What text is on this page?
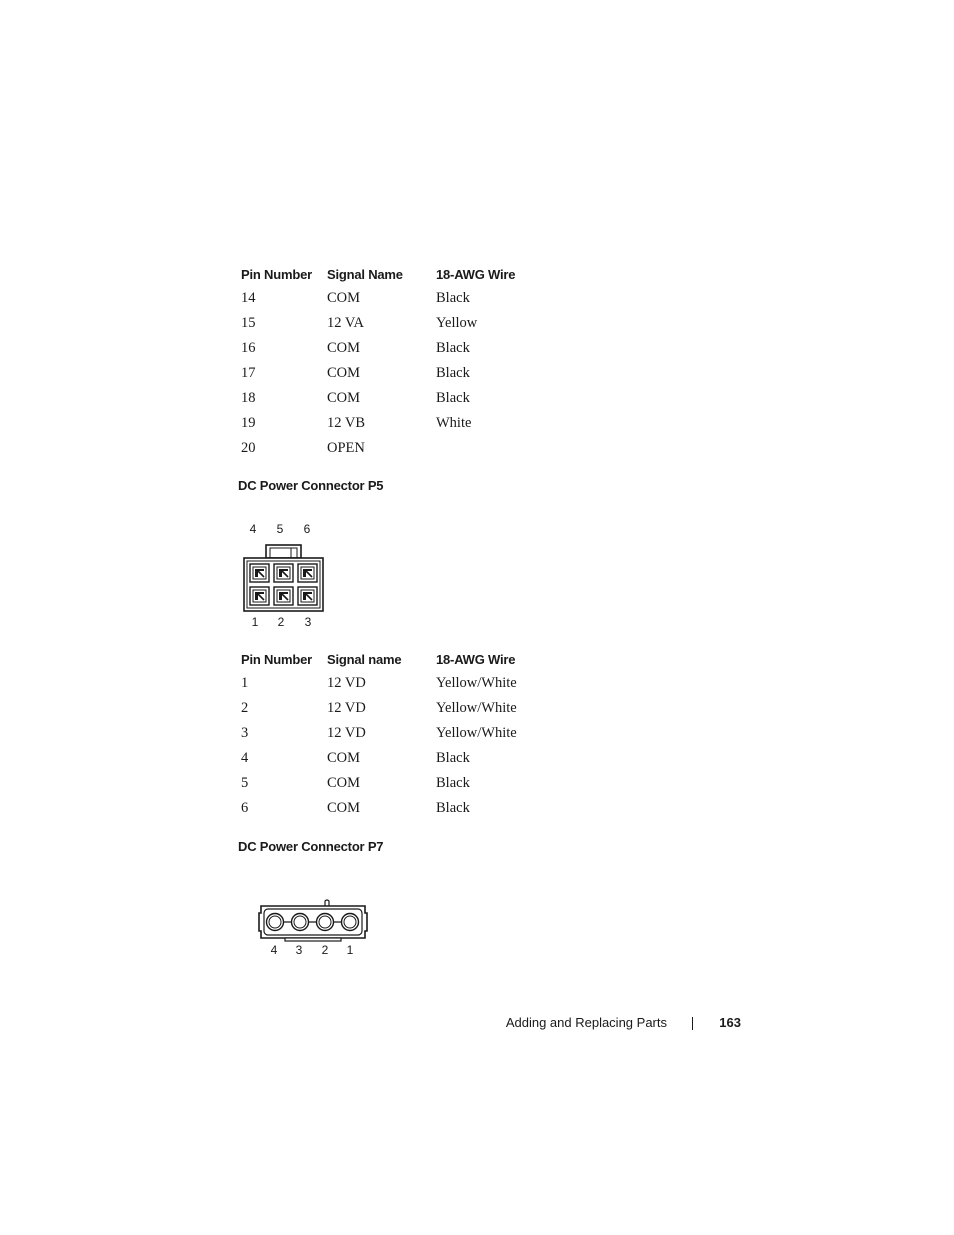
Pin Number	Signal Name	18-AWG Wire
14	COM	Black
15	12 VA	Yellow
16	COM	Black
17	COM	Black
18	COM	Black
19	12 VB	White
20	OPEN	
DC Power Connector P5
4 5 6
1 2 3
Pin Number	Signal name	18-AWG Wire
1	12 VD	Yellow/White
2	12 VD	Yellow/White
3	12 VD	Yellow/White
4	COM	Black
5	COM	Black
6	COM	Black
DC Power Connector P7
4 3 2 1
Adding and Replacing Parts	163
